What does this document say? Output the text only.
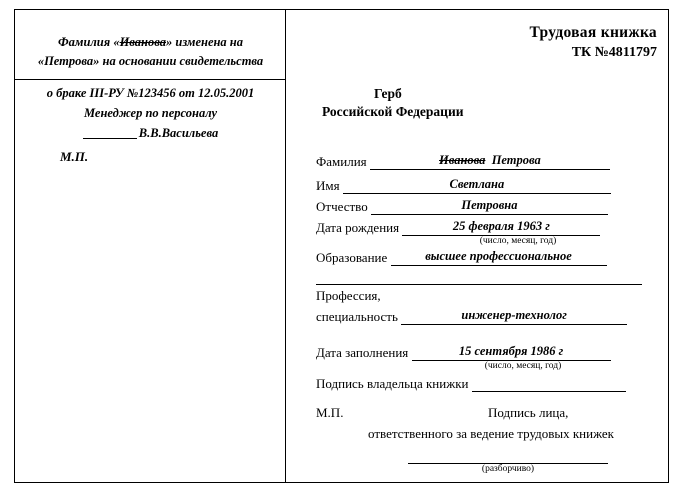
Фамилия «Иванова» изменена на
«Петрова» на основании свидетельства
о браке III-РУ №123456 от 12.05.2001
Менеджер по персоналу
В.В.Васильева
М.П.
Трудовая книжка
ТК №4811797
Герб
Российской Федерации
Фамилия	Иванова Петрова
Имя	Светлана
Отчество	Петровна
Дата рождения	25 февраля 1963 г
(число, месяц, год)
Образование	высшее профессиональное
Профессия,
специальность	инженер-технолог
Дата заполнения	15 сентября 1986 г
(число, месяц, год)
Подпись владельца книжки
М.П.	Подпись лица,
ответственного за ведение трудовых книжек
(разборчиво)
